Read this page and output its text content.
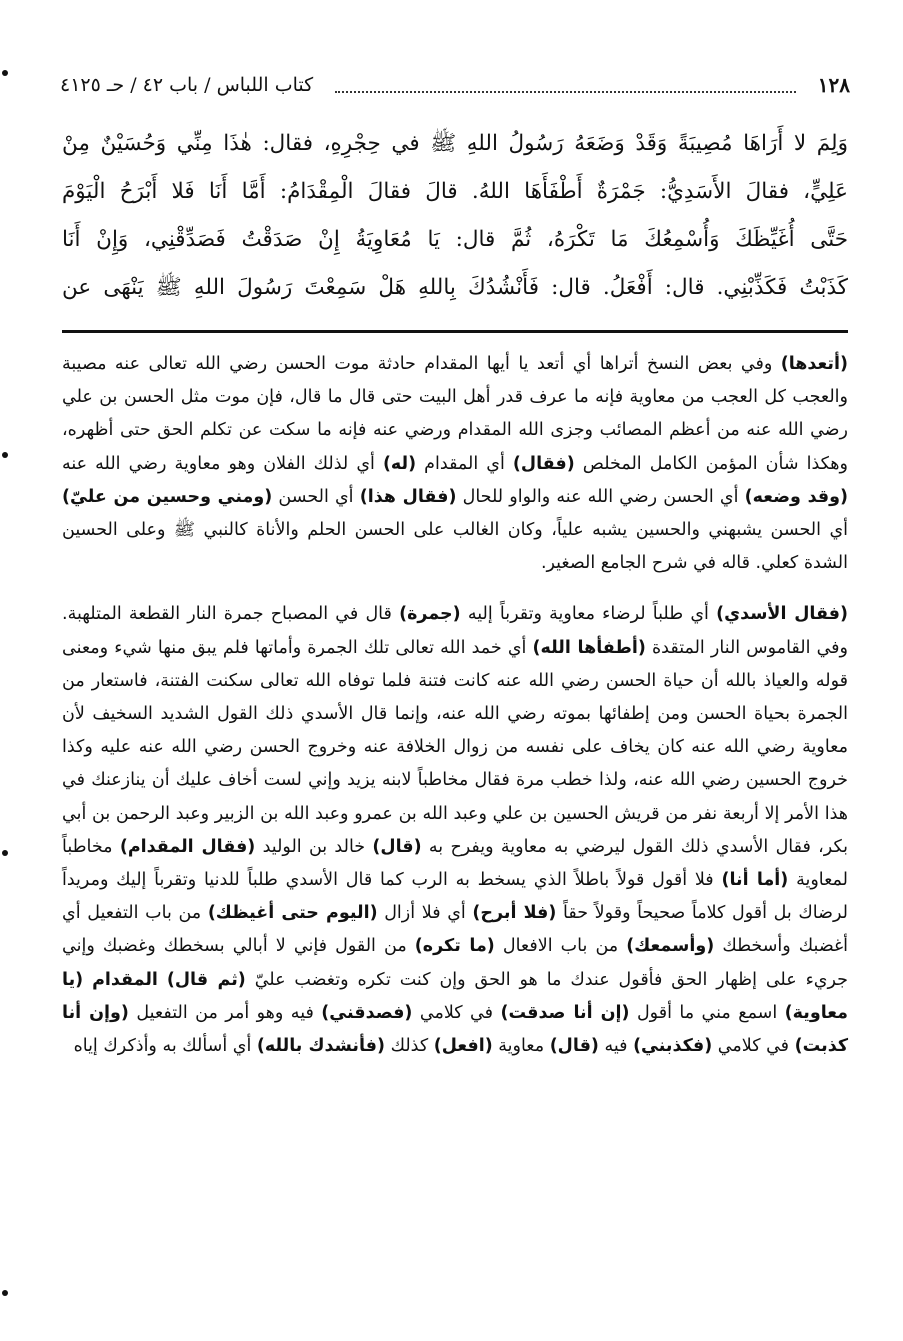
١٢٨
كتاب اللباس / باب ٤٢ / حـ ٤١٢٥

وَلِمَ لا أَرَاهَا مُصِيبَةً وَقَدْ وَضَعَهُ رَسُولُ اللهِ ﷺ في حِجْرِهِ، فقال: هٰذَا مِنِّي وَحُسَيْنٌ مِنْ

عَلِيٍّ، فقالَ الأَسَدِيُّ: جَمْرَةٌ أَطْفَأَهَا اللهُ. قالَ فقالَ الْمِقْدَامُ: أَمَّا أَنَا فَلا أَبْرَحُ الْيَوْمَ

حَتَّى أُغَيِّظَكَ وَأُسْمِعُكَ مَا تَكْرَهُ، ثُمَّ قال: يَا مُعَاوِيَةُ إِنْ صَدَقْتُ فَصَدِّقْنِي، وَإِنْ أَنَا

كَذَبْتُ فَكَذِّبْنِي. قال: أَفْعَلُ. قال: فَأَنْشُدُكَ بِاللهِ هَلْ سَمِعْتَ رَسُولَ اللهِ ﷺ يَنْهَى عن

(أتعدها) وفي بعض النسخ أتراها أي أتعد يا أيها المقدام حادثة موت الحسن رضي الله تعالى عنه مصيبة والعجب كل العجب من معاوية فإنه ما عرف قدر أهل البيت حتى قال ما قال، فإن موت مثل الحسن بن علي رضي الله عنه من أعظم المصائب وجزى الله المقدام ورضي عنه فإنه ما سكت عن تكلم الحق حتى أظهره، وهكذا شأن المؤمن الكامل المخلص (فقال) أي المقدام (له) أي لذلك الفلان وهو معاوية رضي الله عنه (وقد وضعه) أي الحسن رضي الله عنه والواو للحال (فقال هذا) أي الحسن (ومني وحسين من عليّ) أي الحسن يشبهني والحسين يشبه علياً، وكان الغالب على الحسن الحلم والأناة كالنبي ﷺ وعلى الحسين الشدة كعلي. قاله في شرح الجامع الصغير.

(فقال الأسدي) أي طلباً لرضاء معاوية وتقرباً إليه (جمرة) قال في المصباح جمرة النار القطعة المتلهبة. وفي القاموس النار المتقدة (أطفأها الله) أي خمد الله تعالى تلك الجمرة وأماتها فلم يبق منها شيء ومعنى قوله والعياذ بالله أن حياة الحسن رضي الله عنه كانت فتنة فلما توفاه الله تعالى سكنت الفتنة، فاستعار من الجمرة بحياة الحسن ومن إطفائها بموته رضي الله عنه، وإنما قال الأسدي ذلك القول الشديد السخيف لأن معاوية رضي الله عنه كان يخاف على نفسه من زوال الخلافة عنه وخروج الحسن رضي الله عنه عليه وكذا خروج الحسين رضي الله عنه، ولذا خطب مرة فقال مخاطباً لابنه يزيد وإني لست أخاف عليك أن ينازعنك في هذا الأمر إلا أربعة نفر من قريش الحسين بن علي وعبد الله بن عمرو وعبد الله بن الزبير وعبد الرحمن بن أبي بكر، فقال الأسدي ذلك القول ليرضي به معاوية ويفرح به (قال) خالد بن الوليد (فقال المقدام) مخاطباً لمعاوية (أما أنا) فلا أقول قولاً باطلاً الذي يسخط به الرب كما قال الأسدي طلباً للدنيا وتقرباً إليك ومريداً لرضاك بل أقول كلاماً صحيحاً وقولاً حقاً (فلا أبرح) أي فلا أزال (اليوم حتى أغيظك) من باب التفعيل أي أغضبك وأسخطك (وأسمعك) من باب الافعال (ما تكره) من القول فإني لا أبالي بسخطك وغضبك وإني جريء على إظهار الحق فأقول عندك ما هو الحق وإن كنت تكره وتغضب عليّ (ثم قال) المقدام (يا معاوية) اسمع مني ما أقول (إن أنا صدقت) في كلامي (فصدقني) فيه وهو أمر من التفعيل (وإن أنا كذبت) في كلامي (فكذبني) فيه (قال) معاوية (افعل) كذلك (فأنشدك بالله) أي أسألك به وأذكرك إياه
